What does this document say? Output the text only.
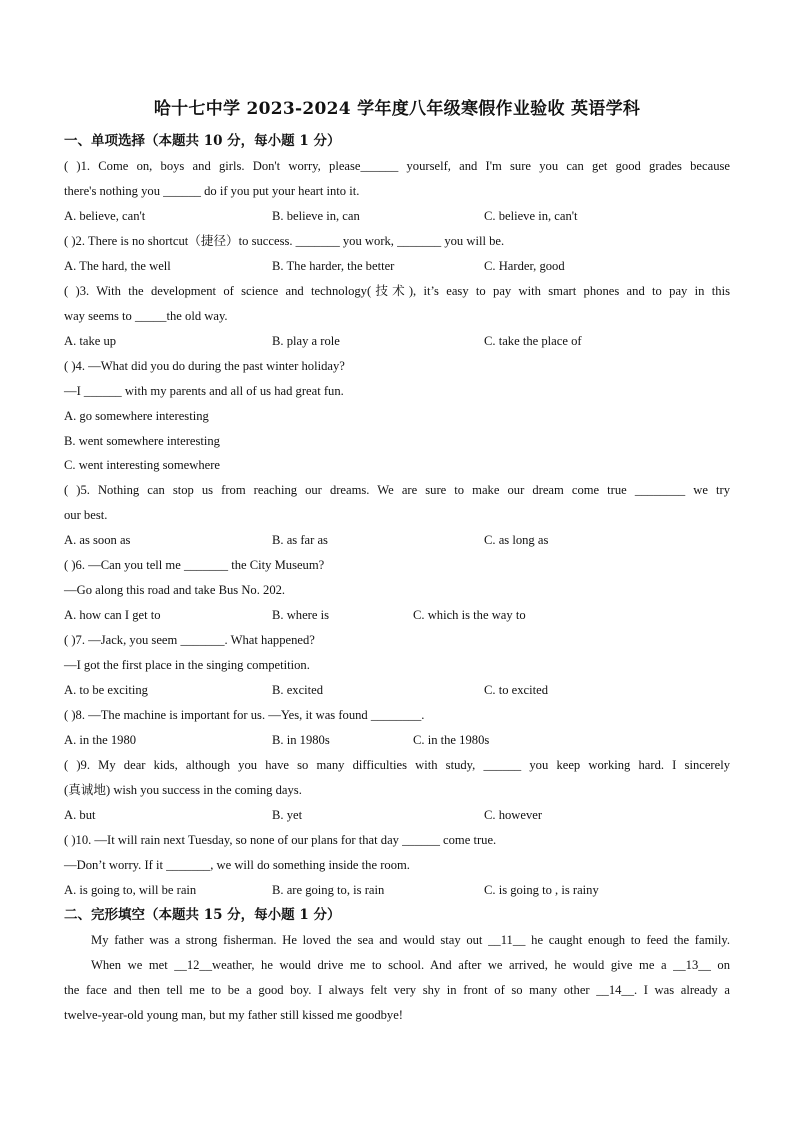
哈十七中学 2023-2024 学年度八年级寒假作业验收 英语学科
一、单项选择（本题共 10 分，每小题 1 分）
( )1. Come on, boys and girls. Don't worry, please______ yourself, and I'm sure you can get good grades because
there's nothing you ______ do if you put your heart into it.
A. believe, can't	B. believe in, can	C. believe in, can't
( )2. There is no shortcut（捷径）to success. _______ you work, _______ you will be.
A. The hard, the well	B. The harder, the better	C. Harder, good
( )3. With the development of science and technology(技术), it’s easy to pay with smart phones and to pay in this
way seems to _____the old way.
A. take up	B. play a role	C. take the place of
( )4. —What did you do during the past winter holiday?
—I ______ with my parents and all of us had great fun.
A. go somewhere interesting
B. went somewhere interesting
C. went interesting somewhere
( )5. Nothing can stop us from reaching our dreams. We are sure to make our dream come true ________ we try
our best.
A. as soon as	B. as far as	C. as long as
( )6. —Can you tell me _______ the City Museum?
—Go along this road and take Bus No. 202.
A. how can I get to	B. where is	C. which is the way to
( )7. —Jack, you seem _______. What happened?
—I got the first place in the singing competition.
A. to be exciting	B. excited	C. to excited
( )8. —The machine is important for us. —Yes, it was found ________.
A. in the 1980	B. in 1980s	C. in the 1980s
( )9. My dear kids, although you have so many difficulties with study, ______ you keep working hard. I sincerely
(真诚地) wish you success in the coming days.
A. but	B. yet	C. however
( )10. —It will rain next Tuesday, so none of our plans for that day ______ come true.
—Don’t worry. If it _______, we will do something inside the room.
A. is going to, will be rain	B. are going to, is rain	C. is going to , is rainy
二、完形填空（本题共 15 分，每小题 1 分）
My father was a strong fisherman. He loved the sea and would stay out __11__ he caught enough to feed the family.
When we met __12__weather, he would drive me to school. And after we arrived, he would give me a __13__ on
the face and then tell me to be a good boy. I always felt very shy in front of so many other __14__. I was already a
twelve-year-old young man, but my father still kissed me goodbye!
